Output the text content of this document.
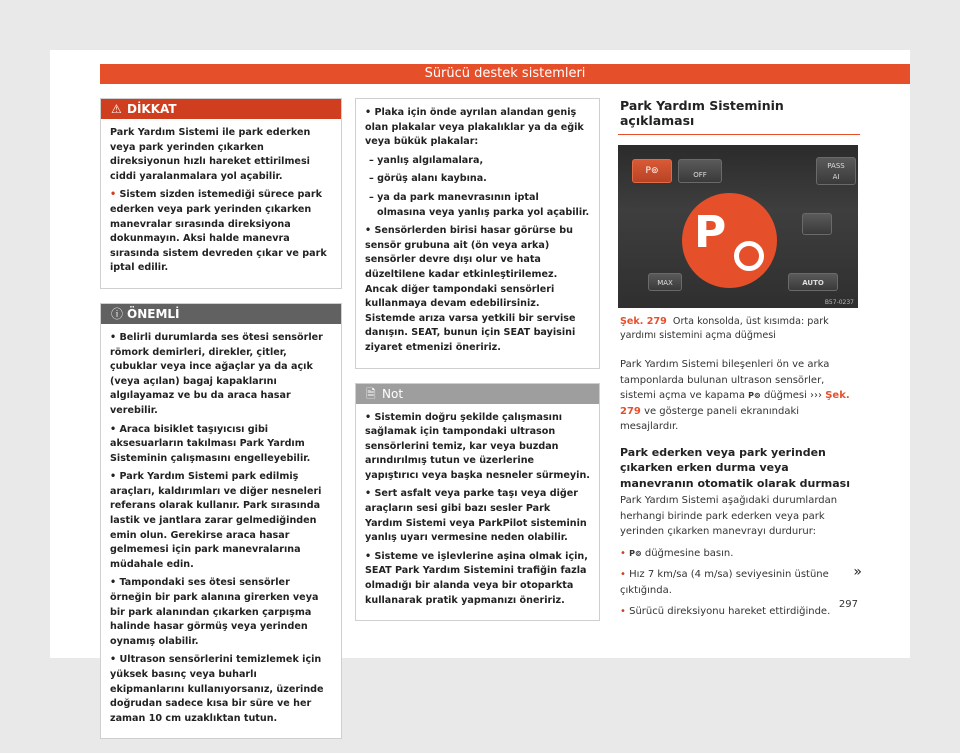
Sürücü destek sistemleri
⚠ DİKKAT

Park Yardım Sistemi ile park ederken veya park yerinden çıkarken direksiyonun hızlı hareket ettirilmesi ciddi yaralanmalara yol açabilir.

• Sistem sizden istemediği sürece park ederken veya park yerinden çıkarken manevralar sırasında direksiyona dokunmayın. Aksi halde manevra sırasında sistem devreden çıkar ve park iptal edilir.

ⓘ ÖNEMLİ

• Belirli durumlarda ses ötesi sensörler römork demirleri, direkler, çitler, çubuklar veya ince ağaçlar ya da açık (veya açılan) bagaj kapaklarını algılayamaz ve bu da araca hasar verebilir.

• Araca bisiklet taşıyıcısı gibi aksesuarların takılması Park Yardım Sisteminin çalışmasını engelleyebilir.

• Park Yardım Sistemi park edilmiş araçları, kaldırımları ve diğer nesneleri referans olarak kullanır. Park sırasında lastik ve jantlara zarar gelmediğinden emin olun. Gerekirse araca hasar gelmemesi için park manevralarına müdahale edin.

• Tampondaki ses ötesi sensörler örneğin bir park alanına girerken veya bir park alanından çıkarken çarpışma halinde hasar görmüş veya yerinden oynamış olabilir.

• Ultrason sensörlerini temizlemek için yüksek basınç veya buharlı ekipmanlarını kullanıyorsanız, üzerinde doğrudan sadece kısa bir süre ve her zaman 10 cm uzaklıktan tutun.

• Plaka için önde ayrılan alandan geniş olan plakalar veya plakalıklar ya da eğik veya bükük plakalar:

– yanlış algılamalara,

– görüş alanı kaybına.

– ya da park manevrasının iptal olmasına veya yanlış parka yol açabilir.

• Sensörlerden birisi hasar görürse bu sensör grubuna ait (ön veya arka) sensörler devre dışı olur ve hata düzeltilene kadar etkinleştirilemez. Ancak diğer tampondaki sensörleri kullanmaya devam edebilirsiniz. Sistemde arıza varsa yetkili bir servise danışın. SEAT, bunun için SEAT bayisini ziyaret etmenizi öneririz.

🗎 Not

• Sistemin doğru şekilde çalışmasını sağlamak için tampondaki ultrason sensörlerini temiz, kar veya buzdan arındırılmış tutun ve üzerlerine yapıştırıcı veya başka nesneler sürmeyin.

• Sert asfalt veya parke taşı veya diğer araçların sesi gibi bazı sesler Park Yardım Sistemi veya ParkPilot sisteminin yanlış uyarı vermesine neden olabilir.

• Sisteme ve işlevlerine aşina olmak için, SEAT Park Yardım Sistemini trafiğin fazla olmadığı bir alanda veya bir otoparkta kullanarak pratik yapmanızı öneririz.

Park Yardım Sisteminin açıklaması
P⊚	OFF
PASS
AI
MAX	AUTO
P
B57-0237
Şek. 279 Orta konsolda, üst kısımda: park yardımı sistemini açma düğmesi

Park Yardım Sistemi bileşenleri ön ve arka tamponlarda bulunan ultrason sensörler, sistemi açma ve kapama P⊚ düğmesi ››› Şek. 279 ve gösterge paneli ekranındaki mesajlardır.

Park ederken veya park yerinden çıkarken erken durma veya manevranın otomatik olarak durması

Park Yardım Sistemi aşağıdaki durumlardan herhangi birinde park ederken veya park yerinden çıkarken manevrayı durdurur:

• P⊚ düğmesine basın.

• Hız 7 km/sa (4 m/sa) seviyesinin üstüne çıktığında.

• Sürücü direksiyonu hareket ettirdiğinde.

»
297
